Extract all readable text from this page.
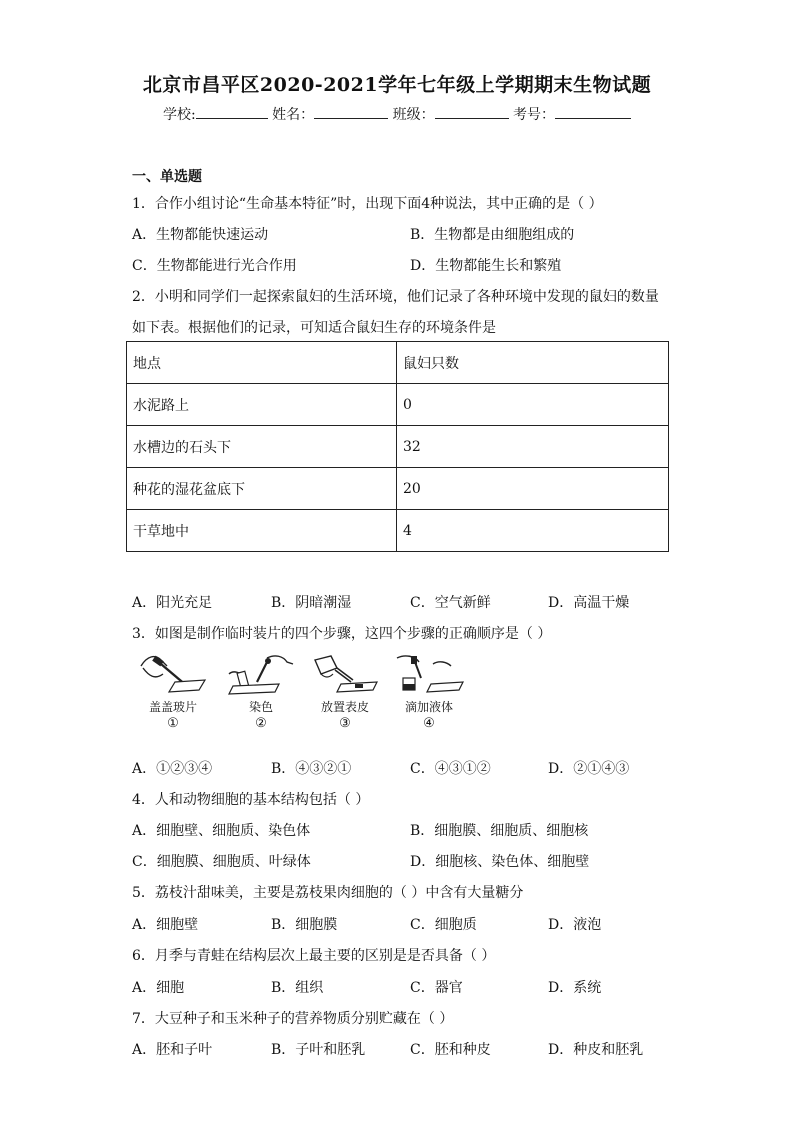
北京市昌平区2020-2021学年七年级上学期期末生物试题
学校:	姓名：	班级：	考号：
一、单选题
1．合作小组讨论“生命基本特征”时，出现下面4种说法，其中正确的是（ ）
A．生物都能快速运动	B．生物都是由细胞组成的
C．生物都能进行光合作用	D．生物都能生长和繁殖
2．小明和同学们一起探索鼠妇的生活环境，他们记录了各种环境中发现的鼠妇的数量
如下表。根据他们的记录，可知适合鼠妇生存的环境条件是
地点	鼠妇只数
水泥路上	0
水槽边的石头下	32
种花的湿花盆底下	20
干草地中	4
A．阳光充足	B．阴暗潮湿	C．空气新鲜	D．高温干燥
3．如图是制作临时装片的四个步骤，这四个步骤的正确顺序是（ ）
盖盖玻片
①
染色
②
放置表皮
③
滴加液体
④
A．①②③④	B．④③②①	C．④③①②	D．②①④③
4．人和动物细胞的基本结构包括（ ）
A．细胞壁、细胞质、染色体	B．细胞膜、细胞质、细胞核
C．细胞膜、细胞质、叶绿体	D．细胞核、染色体、细胞壁
5．荔枝汁甜味美，主要是荔枝果肉细胞的（ ）中含有大量糖分
A．细胞壁	B．细胞膜	C．细胞质	D．液泡
6．月季与青蛙在结构层次上最主要的区别是是否具备（ ）
A．细胞	B．组织	C．器官	D．系统
7．大豆种子和玉米种子的营养物质分别贮藏在（ ）
A．胚和子叶	B．子叶和胚乳	C．胚和种皮	D．种皮和胚乳
